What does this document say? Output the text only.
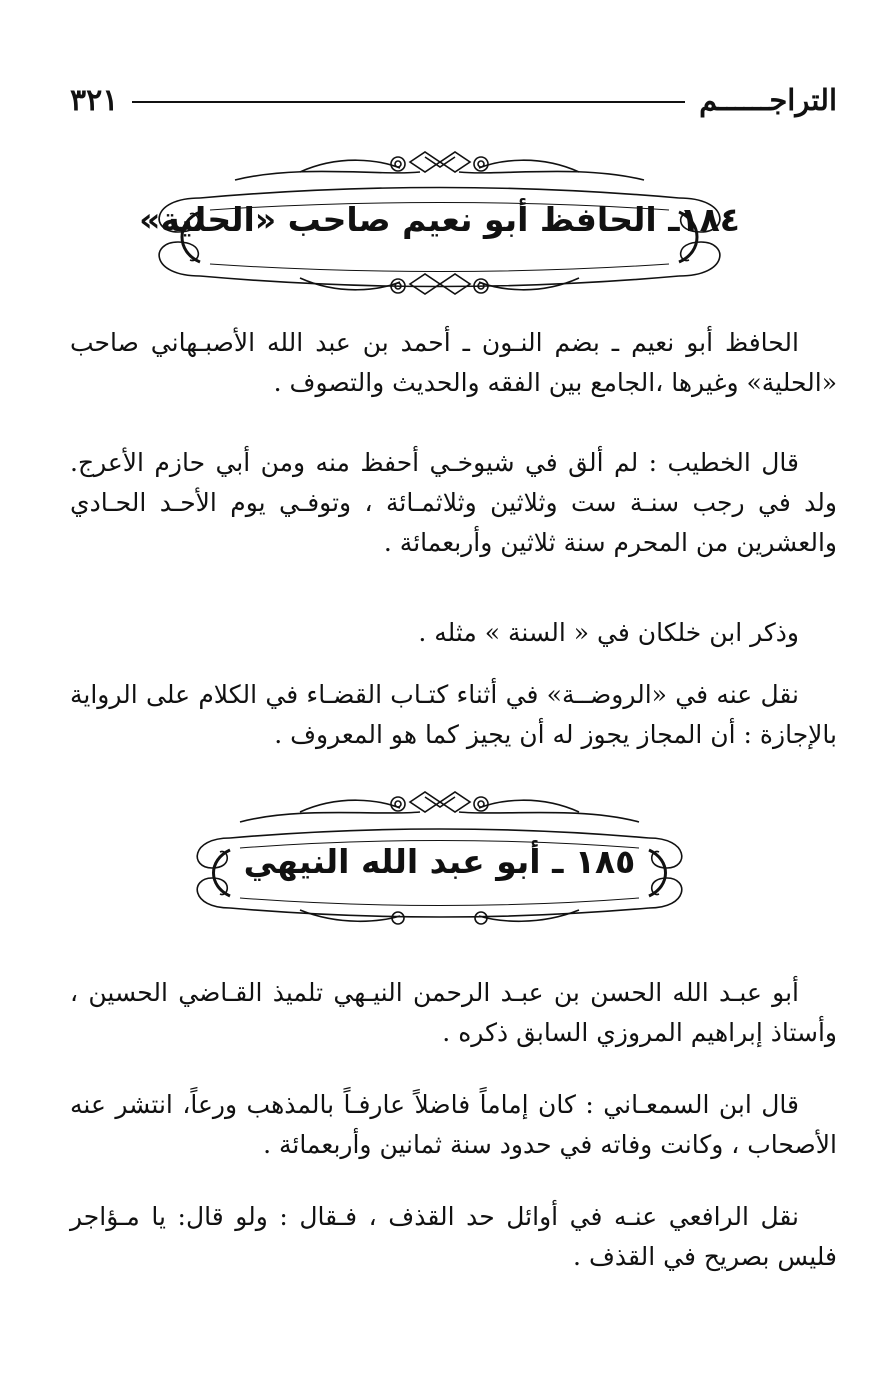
التراجــــــم
٣٢١
١٨٤ـ الحافظ أبو نعيم صاحب «الحلية»
الحافظ أبو نعيم ـ بضم النـون ـ أحمد بن عبد الله الأصبـهاني صاحب
«الحلية» وغيرها ،الجامع بين الفقه والحديث والتصوف .
قال الخطيب : لم ألق في شيوخـي أحفظ منه ومن أبي حازم الأعرج.
ولد في رجب سنـة ست وثلاثين وثلاثمـائة ، وتوفـي يوم الأحـد الحـادي
والعشرين من المحرم سنة ثلاثين وأربعمائة .
وذكر ابن خلكان في « السنة » مثله .
نقل عنه في «الروضــة» في أثناء كتـاب القضـاء في الكلام على الرواية
بالإجازة : أن المجاز يجوز له أن يجيز كما هو المعروف .
١٨٥ ـ أبو عبد الله النيهي
أبو عبـد الله الحسن بن عبـد الرحمن النيـهي تلميذ القـاضي الحسين ،
وأستاذ إبراهيم المروزي السابق ذكره .
قال ابن السمعـاني : كان إماماً فاضلاً عارفـاً بالمذهب ورعاً، انتشر عنه
الأصحاب ، وكانت وفاته في حدود سنة ثمانين وأربعمائة .
نقل الرافعي عنـه في أوائل حد القذف ، فـقال : ولو قال: يا مـؤاجر
فليس بصريح في القذف .
